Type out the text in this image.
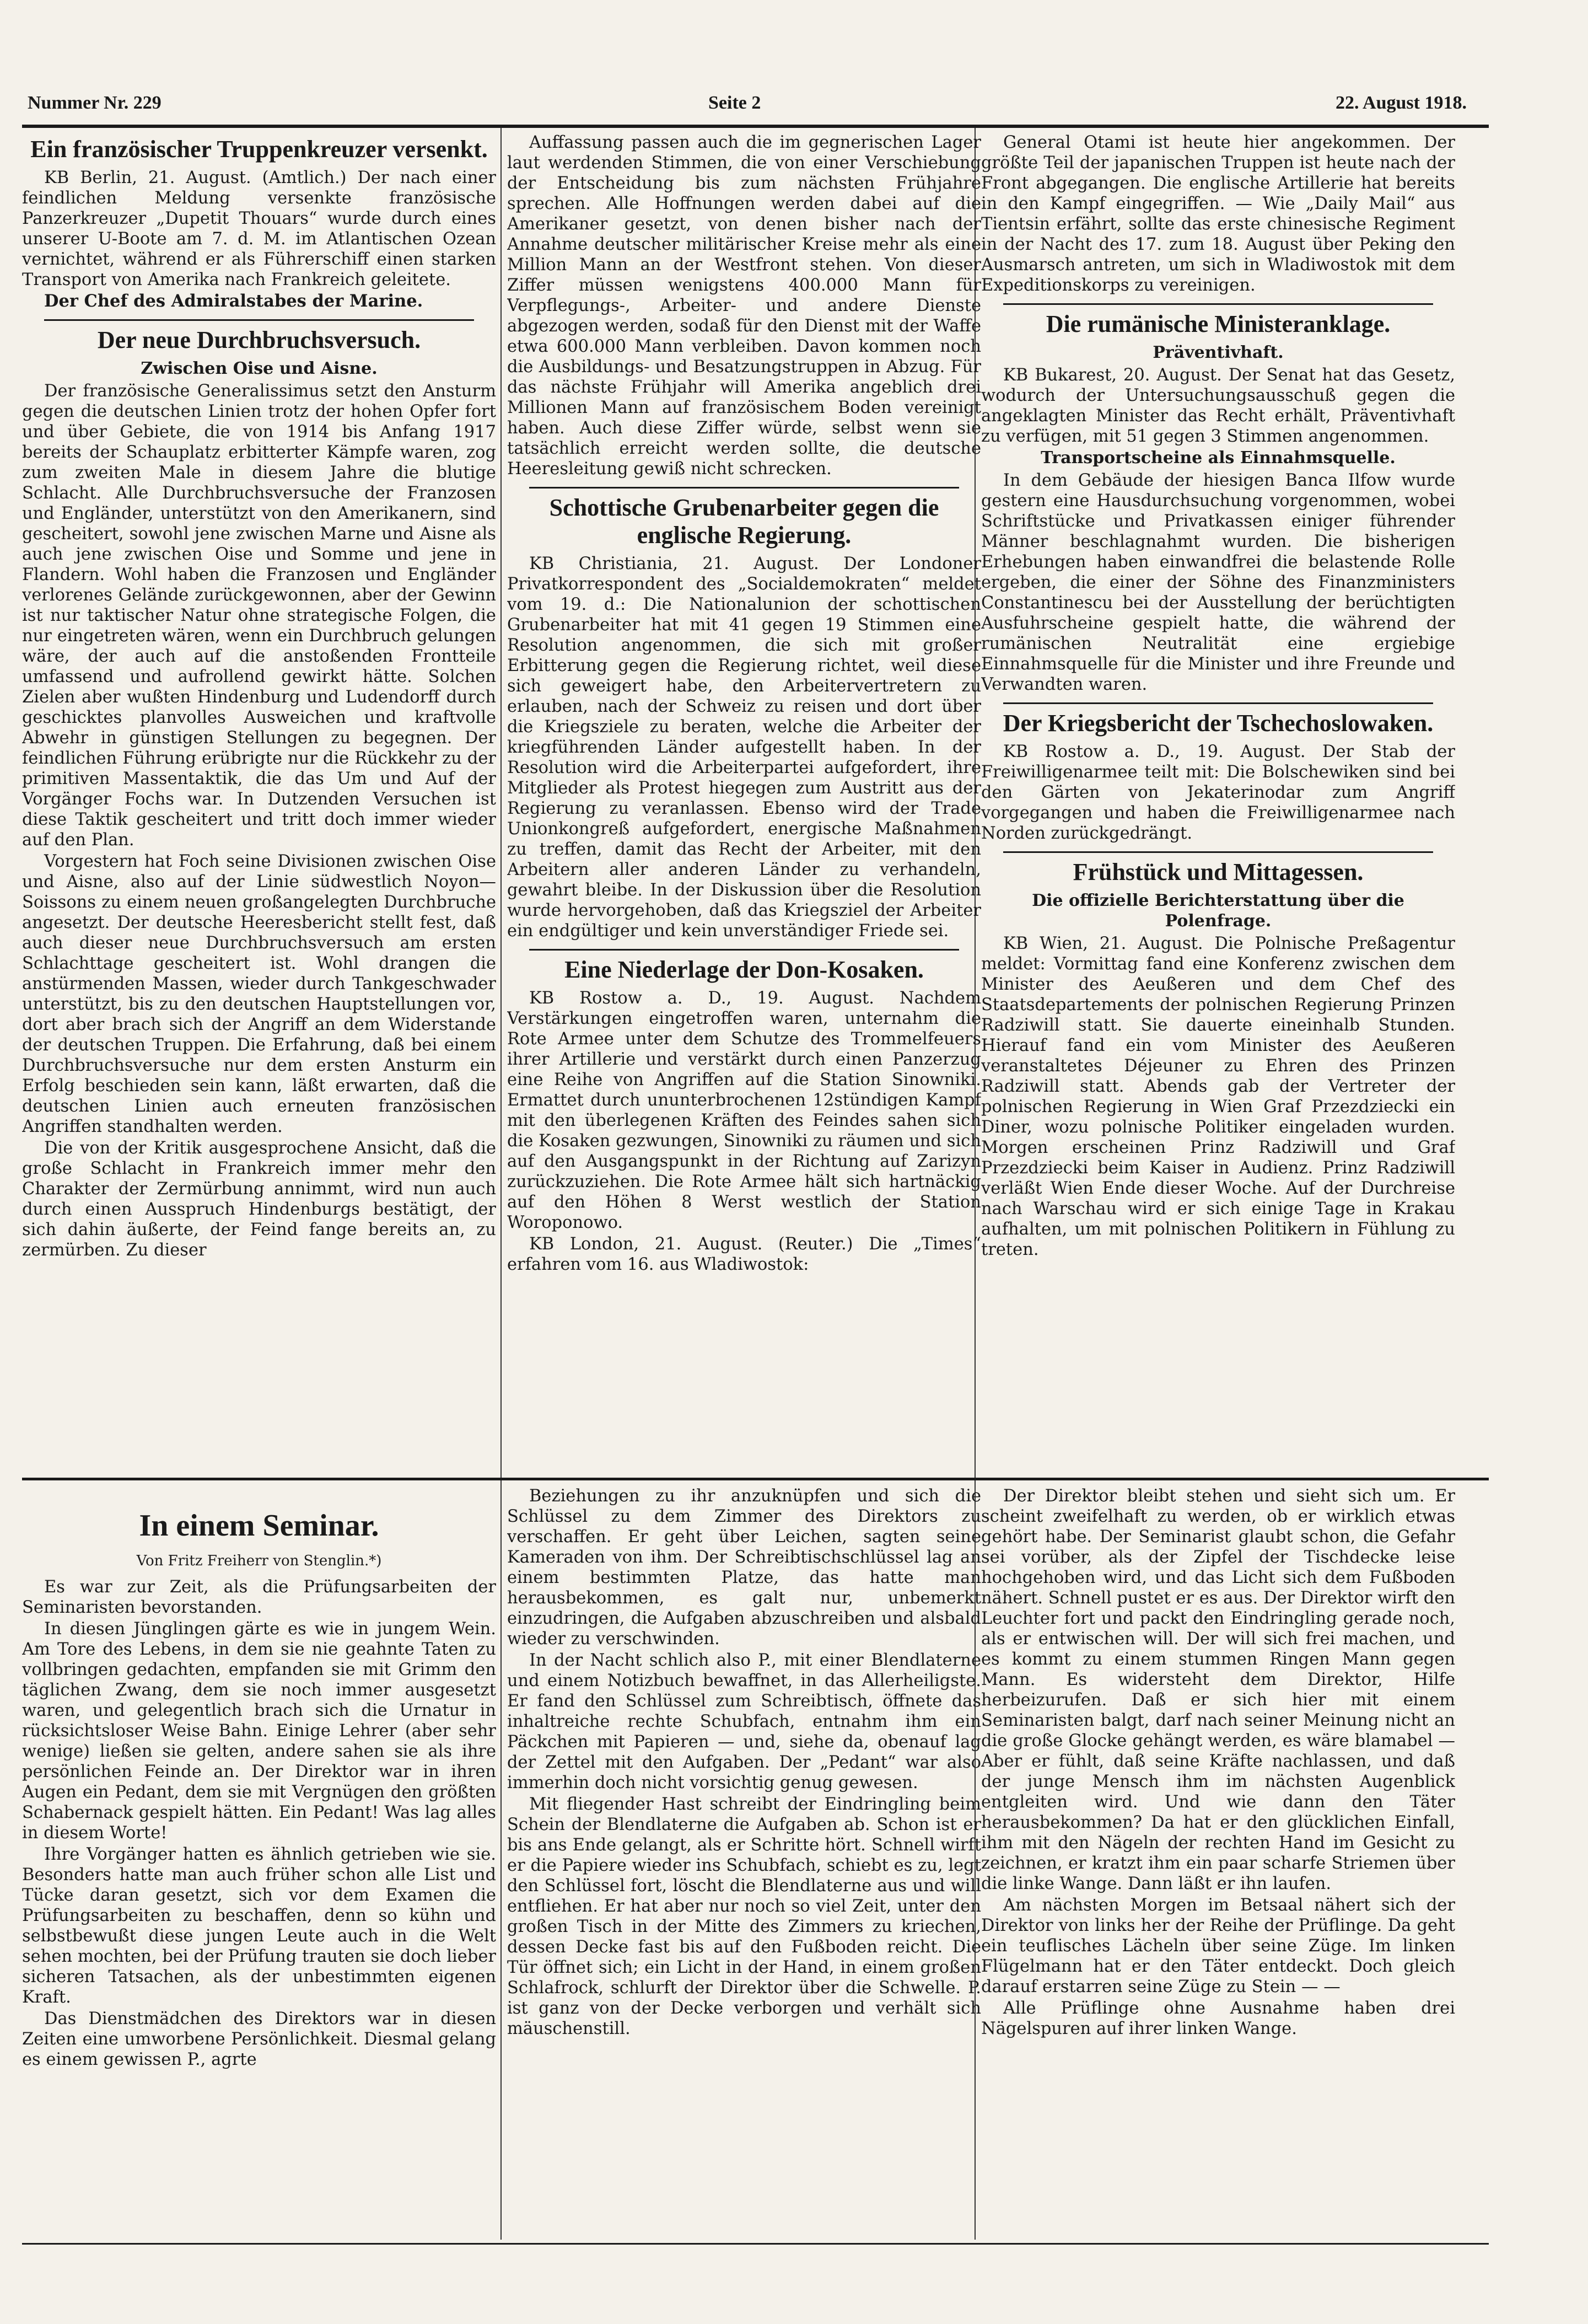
Nummer Nr. 229	Seite 2	22. August 1918.
Ein französischer Truppenkreuzer versenkt.

KB Berlin, 21. August. (Amtlich.) Der nach einer feindlichen Meldung versenkte französische Panzerkreuzer „Dupetit Thouars“ wurde durch eines unserer U-Boote am 7. d. M. im Atlantischen Ozean vernichtet, während er als Führerschiff einen starken Transport von Amerika nach Frankreich geleitete.

Der Chef des Admiralstabes der Marine.

Der neue Durchbruchsversuch.
Zwischen Oise und Aisne.

Der französische Generalissimus setzt den Ansturm gegen die deutschen Linien trotz der hohen Opfer fort und über Gebiete, die von 1914 bis Anfang 1917 bereits der Schauplatz erbitterter Kämpfe waren, zog zum zweiten Male in diesem Jahre die blutige Schlacht. Alle Durchbruchsversuche der Franzosen und Engländer, unterstützt von den Amerikanern, sind gescheitert, sowohl jene zwischen Marne und Aisne als auch jene zwischen Oise und Somme und jene in Flandern. Wohl haben die Franzosen und Engländer verlorenes Gelände zurückgewonnen, aber der Gewinn ist nur taktischer Natur ohne strategische Folgen, die nur eingetreten wären, wenn ein Durchbruch gelungen wäre, der auch auf die anstoßenden Frontteile umfassend und aufrollend gewirkt hätte. Solchen Zielen aber wußten Hindenburg und Ludendorff durch geschicktes planvolles Ausweichen und kraftvolle Abwehr in günstigen Stellungen zu begegnen. Der feindlichen Führung erübrigte nur die Rückkehr zu der primitiven Massentaktik, die das Um und Auf der Vorgänger Fochs war. In Dutzenden Versuchen ist diese Taktik gescheitert und tritt doch immer wieder auf den Plan.

Vorgestern hat Foch seine Divisionen zwischen Oise und Aisne, also auf der Linie südwestlich Noyon—Soissons zu einem neuen großangelegten Durchbruche angesetzt. Der deutsche Heeresbericht stellt fest, daß auch dieser neue Durchbruchsversuch am ersten Schlachttage gescheitert ist. Wohl drangen die anstürmenden Massen, wieder durch Tankgeschwader unterstützt, bis zu den deutschen Hauptstellungen vor, dort aber brach sich der Angriff an dem Widerstande der deutschen Truppen. Die Erfahrung, daß bei einem Durchbruchsversuche nur dem ersten Ansturm ein Erfolg beschieden sein kann, läßt erwarten, daß die deutschen Linien auch erneuten französischen Angriffen standhalten werden.

Die von der Kritik ausgesprochene Ansicht, daß die große Schlacht in Frankreich immer mehr den Charakter der Zermürbung annimmt, wird nun auch durch einen Ausspruch Hindenburgs bestätigt, der sich dahin äußerte, der Feind fange bereits an, zu zermürben. Zu dieser

Auffassung passen auch die im gegnerischen Lager laut werdenden Stimmen, die von einer Verschiebung der Entscheidung bis zum nächsten Frühjahre sprechen. Alle Hoffnungen werden dabei auf die Amerikaner gesetzt, von denen bisher nach der Annahme deutscher militärischer Kreise mehr als eine Million Mann an der Westfront stehen. Von dieser Ziffer müssen wenigstens 400.000 Mann für Verpflegungs-, Arbeiter- und andere Dienste abgezogen werden, sodaß für den Dienst mit der Waffe etwa 600.000 Mann verbleiben. Davon kommen noch die Ausbildungs- und Besatzungstruppen in Abzug. Für das nächste Frühjahr will Amerika angeblich drei Millionen Mann auf französischem Boden vereinigt haben. Auch diese Ziffer würde, selbst wenn sie tatsächlich erreicht werden sollte, die deutsche Heeresleitung gewiß nicht schrecken.

Schottische Grubenarbeiter gegen die englische Regierung.

KB Christiania, 21. August. Der Londoner Privatkorrespondent des „Socialdemokraten“ meldet vom 19. d.: Die Nationalunion der schottischen Grubenarbeiter hat mit 41 gegen 19 Stimmen eine Resolution angenommen, die sich mit großer Erbitterung gegen die Regierung richtet, weil diese sich geweigert habe, den Arbeitervertretern zu erlauben, nach der Schweiz zu reisen und dort über die Kriegsziele zu beraten, welche die Arbeiter der kriegführenden Länder aufgestellt haben. In der Resolution wird die Arbeiterpartei aufgefordert, ihre Mitglieder als Protest hiegegen zum Austritt aus der Regierung zu veranlassen. Ebenso wird der Trade Unionkongreß aufgefordert, energische Maßnahmen zu treffen, damit das Recht der Arbeiter, mit den Arbeitern aller anderen Länder zu verhandeln, gewahrt bleibe. In der Diskussion über die Resolution wurde hervorgehoben, daß das Kriegsziel der Arbeiter ein endgültiger und kein unverständiger Friede sei.

Eine Niederlage der Don-Kosaken.

KB Rostow a. D., 19. August. Nachdem Verstärkungen eingetroffen waren, unternahm die Rote Armee unter dem Schutze des Trommelfeuers ihrer Artillerie und verstärkt durch einen Panzerzug eine Reihe von Angriffen auf die Station Sinowniki. Ermattet durch ununterbrochenen 12stündigen Kampf mit den überlegenen Kräften des Feindes sahen sich die Kosaken gezwungen, Sinowniki zu räumen und sich auf den Ausgangspunkt in der Richtung auf Zarizyn zurückzuziehen. Die Rote Armee hält sich hartnäckig auf den Höhen 8 Werst westlich der Station Woroponowo.

KB London, 21. August. (Reuter.) Die „Times“ erfahren vom 16. aus Wladiwostok:

General Otami ist heute hier angekommen. Der größte Teil der japanischen Truppen ist heute nach der Front abgegangen. Die englische Artillerie hat bereits in den Kampf eingegriffen. — Wie „Daily Mail“ aus Tientsin erfährt, sollte das erste chinesische Regiment in der Nacht des 17. zum 18. August über Peking den Ausmarsch antreten, um sich in Wladiwostok mit dem Expeditionskorps zu vereinigen.

Die rumänische Ministeranklage.
Präventivhaft.

KB Bukarest, 20. August. Der Senat hat das Gesetz, wodurch der Untersuchungsausschuß gegen die angeklagten Minister das Recht erhält, Präventivhaft zu verfügen, mit 51 gegen 3 Stimmen angenommen.

Transportscheine als Einnahmsquelle.

In dem Gebäude der hiesigen Banca Ilfow wurde gestern eine Hausdurchsuchung vorgenommen, wobei Schriftstücke und Privatkassen einiger führender Männer beschlagnahmt wurden. Die bisherigen Erhebungen haben einwandfrei die belastende Rolle ergeben, die einer der Söhne des Finanzministers Constantinescu bei der Ausstellung der berüchtigten Ausfuhrscheine gespielt hatte, die während der rumänischen Neutralität eine ergiebige Einnahmsquelle für die Minister und ihre Freunde und Verwandten waren.

Der Kriegsbericht der Tschechoslowaken.

KB Rostow a. D., 19. August. Der Stab der Freiwilligenarmee teilt mit: Die Bolschewiken sind bei den Gärten von Jekaterinodar zum Angriff vorgegangen und haben die Freiwilligenarmee nach Norden zurückgedrängt.

Frühstück und Mittagessen.
Die offizielle Berichterstattung über die Polenfrage.

KB Wien, 21. August. Die Polnische Preßagentur meldet: Vormittag fand eine Konferenz zwischen dem Minister des Aeußeren und dem Chef des Staatsdepartements der polnischen Regierung Prinzen Radziwill statt. Sie dauerte eineinhalb Stunden. Hierauf fand ein vom Minister des Aeußeren veranstaltetes Déjeuner zu Ehren des Prinzen Radziwill statt. Abends gab der Vertreter der polnischen Regierung in Wien Graf Przezdziecki ein Diner, wozu polnische Politiker eingeladen wurden. Morgen erscheinen Prinz Radziwill und Graf Przezdziecki beim Kaiser in Audienz. Prinz Radziwill verläßt Wien Ende dieser Woche. Auf der Durchreise nach Warschau wird er sich einige Tage in Krakau aufhalten, um mit polnischen Politikern in Fühlung zu treten.

In einem Seminar.
Von Fritz Freiherr von Stenglin.*)

Es war zur Zeit, als die Prüfungsarbeiten der Seminaristen bevorstanden.

In diesen Jünglingen gärte es wie in jungem Wein. Am Tore des Lebens, in dem sie nie geahnte Taten zu vollbringen gedachten, empfanden sie mit Grimm den täglichen Zwang, dem sie noch immer ausgesetzt waren, und gelegentlich brach sich die Urnatur in rücksichtsloser Weise Bahn. Einige Lehrer (aber sehr wenige) ließen sie gelten, andere sahen sie als ihre persönlichen Feinde an. Der Direktor war in ihren Augen ein Pedant, dem sie mit Vergnügen den größten Schabernack gespielt hätten. Ein Pedant! Was lag alles in diesem Worte!

Ihre Vorgänger hatten es ähnlich getrieben wie sie. Besonders hatte man auch früher schon alle List und Tücke daran gesetzt, sich vor dem Examen die Prüfungsarbeiten zu beschaffen, denn so kühn und selbstbewußt diese jungen Leute auch in die Welt sehen mochten, bei der Prüfung trauten sie doch lieber sicheren Tatsachen, als der unbestimmten eigenen Kraft.

Das Dienstmädchen des Direktors war in diesen Zeiten eine umworbene Persönlichkeit. Diesmal gelang es einem gewissen P., agrte

Beziehungen zu ihr anzuknüpfen und sich die Schlüssel zu dem Zimmer des Direktors zu verschaffen. Er geht über Leichen, sagten seine Kameraden von ihm. Der Schreibtischschlüssel lag an einem bestimmten Platze, das hatte man herausbekommen, es galt nur, unbemerkt einzudringen, die Aufgaben abzuschreiben und alsbald wieder zu verschwinden.

In der Nacht schlich also P., mit einer Blendlaterne und einem Notizbuch bewaffnet, in das Allerheiligste. Er fand den Schlüssel zum Schreibtisch, öffnete das inhaltreiche rechte Schubfach, entnahm ihm ein Päckchen mit Papieren — und, siehe da, obenauf lag der Zettel mit den Aufgaben. Der „Pedant“ war also immerhin doch nicht vorsichtig genug gewesen.

Mit fliegender Hast schreibt der Eindringling beim Schein der Blendlaterne die Aufgaben ab. Schon ist er bis ans Ende gelangt, als er Schritte hört. Schnell wirft er die Papiere wieder ins Schubfach, schiebt es zu, legt den Schlüssel fort, löscht die Blendlaterne aus und will entfliehen. Er hat aber nur noch so viel Zeit, unter den großen Tisch in der Mitte des Zimmers zu kriechen, dessen Decke fast bis auf den Fußboden reicht. Die Tür öffnet sich; ein Licht in der Hand, in einem großen Schlafrock, schlurft der Direktor über die Schwelle. P. ist ganz von der Decke verborgen und verhält sich mäuschenstill.

Der Direktor bleibt stehen und sieht sich um. Er scheint zweifelhaft zu werden, ob er wirklich etwas gehört habe. Der Seminarist glaubt schon, die Gefahr sei vorüber, als der Zipfel der Tischdecke leise hochgehoben wird, und das Licht sich dem Fußboden nähert. Schnell pustet er es aus. Der Direktor wirft den Leuchter fort und packt den Eindringling gerade noch, als er entwischen will. Der will sich frei machen, und es kommt zu einem stummen Ringen Mann gegen Mann. Es widersteht dem Direktor, Hilfe herbeizurufen. Daß er sich hier mit einem Seminaristen balgt, darf nach seiner Meinung nicht an die große Glocke gehängt werden, es wäre blamabel — Aber er fühlt, daß seine Kräfte nachlassen, und daß der junge Mensch ihm im nächsten Augenblick entgleiten wird. Und wie dann den Täter herausbekommen? Da hat er den glücklichen Einfall, ihm mit den Nägeln der rechten Hand im Gesicht zu zeichnen, er kratzt ihm ein paar scharfe Striemen über die linke Wange. Dann läßt er ihn laufen.

Am nächsten Morgen im Betsaal nähert sich der Direktor von links her der Reihe der Prüflinge. Da geht ein teuflisches Lächeln über seine Züge. Im linken Flügelmann hat er den Täter entdeckt. Doch gleich darauf erstarren seine Züge zu Stein — —

Alle Prüflinge ohne Ausnahme haben drei Nägelspuren auf ihrer linken Wange.
